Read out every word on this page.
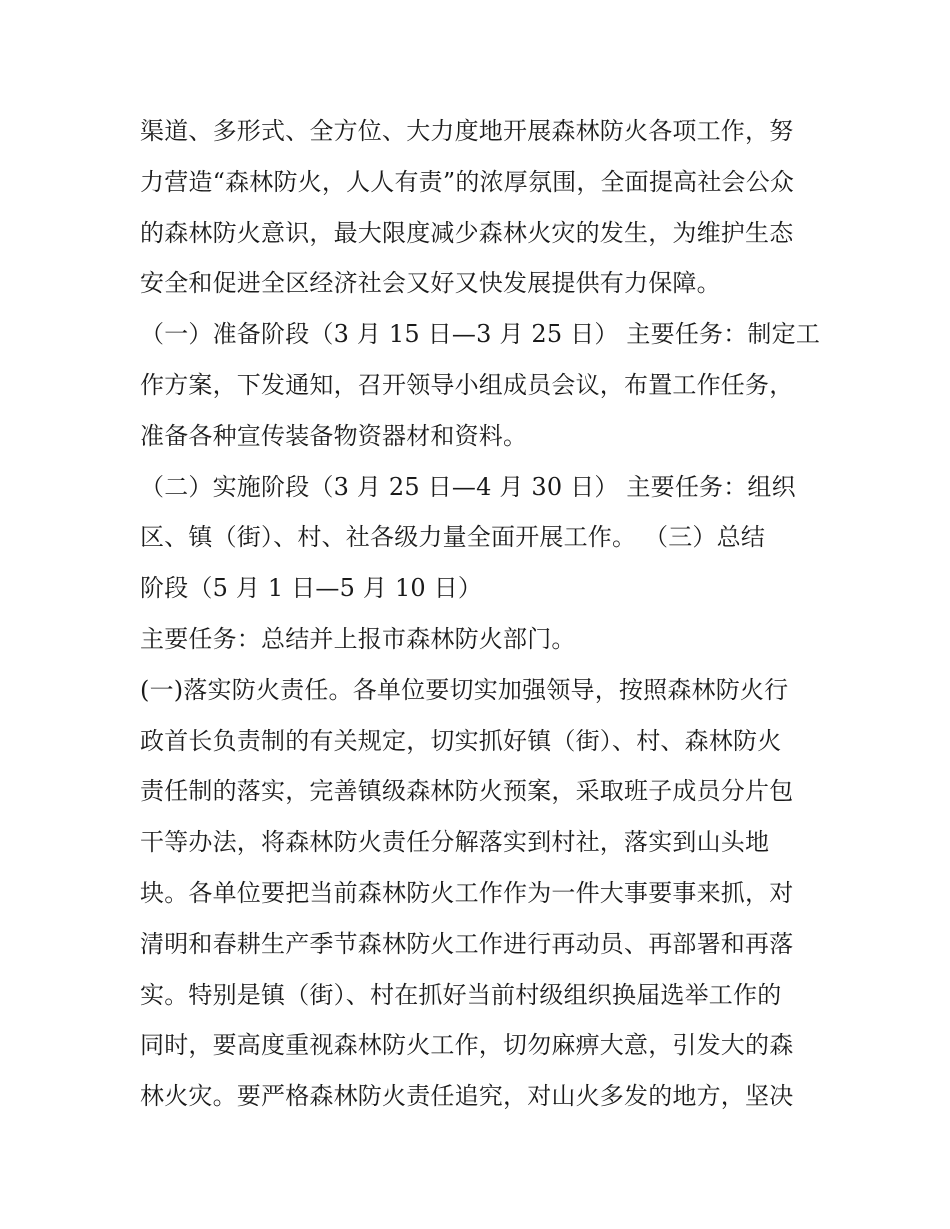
渠道、多形式、全方位、大力度地开展森林防火各项工作，努
力营造“森林防火，人人有责”的浓厚氛围，全面提高社会公众
的森林防火意识，最大限度减少森林火灾的发生，为维护生态
安全和促进全区经济社会又好又快发展提供有力保障。
（一）准备阶段（3 月 15 日—3 月 25 日） 主要任务：制定工
作方案，下发通知，召开领导小组成员会议，布置工作任务，
准备各种宣传装备物资器材和资料。
（二）实施阶段（3 月 25 日—4 月 30 日） 主要任务：组织
区、镇（街）、村、社各级力量全面开展工作。 （三）总结
阶段（5 月 1 日—5 月 10 日）
主要任务：总结并上报市森林防火部门。
(一)落实防火责任。各单位要切实加强领导，按照森林防火行
政首长负责制的有关规定，切实抓好镇（街）、村、森林防火
责任制的落实，完善镇级森林防火预案，采取班子成员分片包
干等办法，将森林防火责任分解落实到村社，落实到山头地
块。各单位要把当前森林防火工作作为一件大事要事来抓，对
清明和春耕生产季节森林防火工作进行再动员、再部署和再落
实。特别是镇（街）、村在抓好当前村级组织换届选举工作的
同时，要高度重视森林防火工作，切勿麻痹大意，引发大的森
林火灾。要严格森林防火责任追究，对山火多发的地方，坚决
